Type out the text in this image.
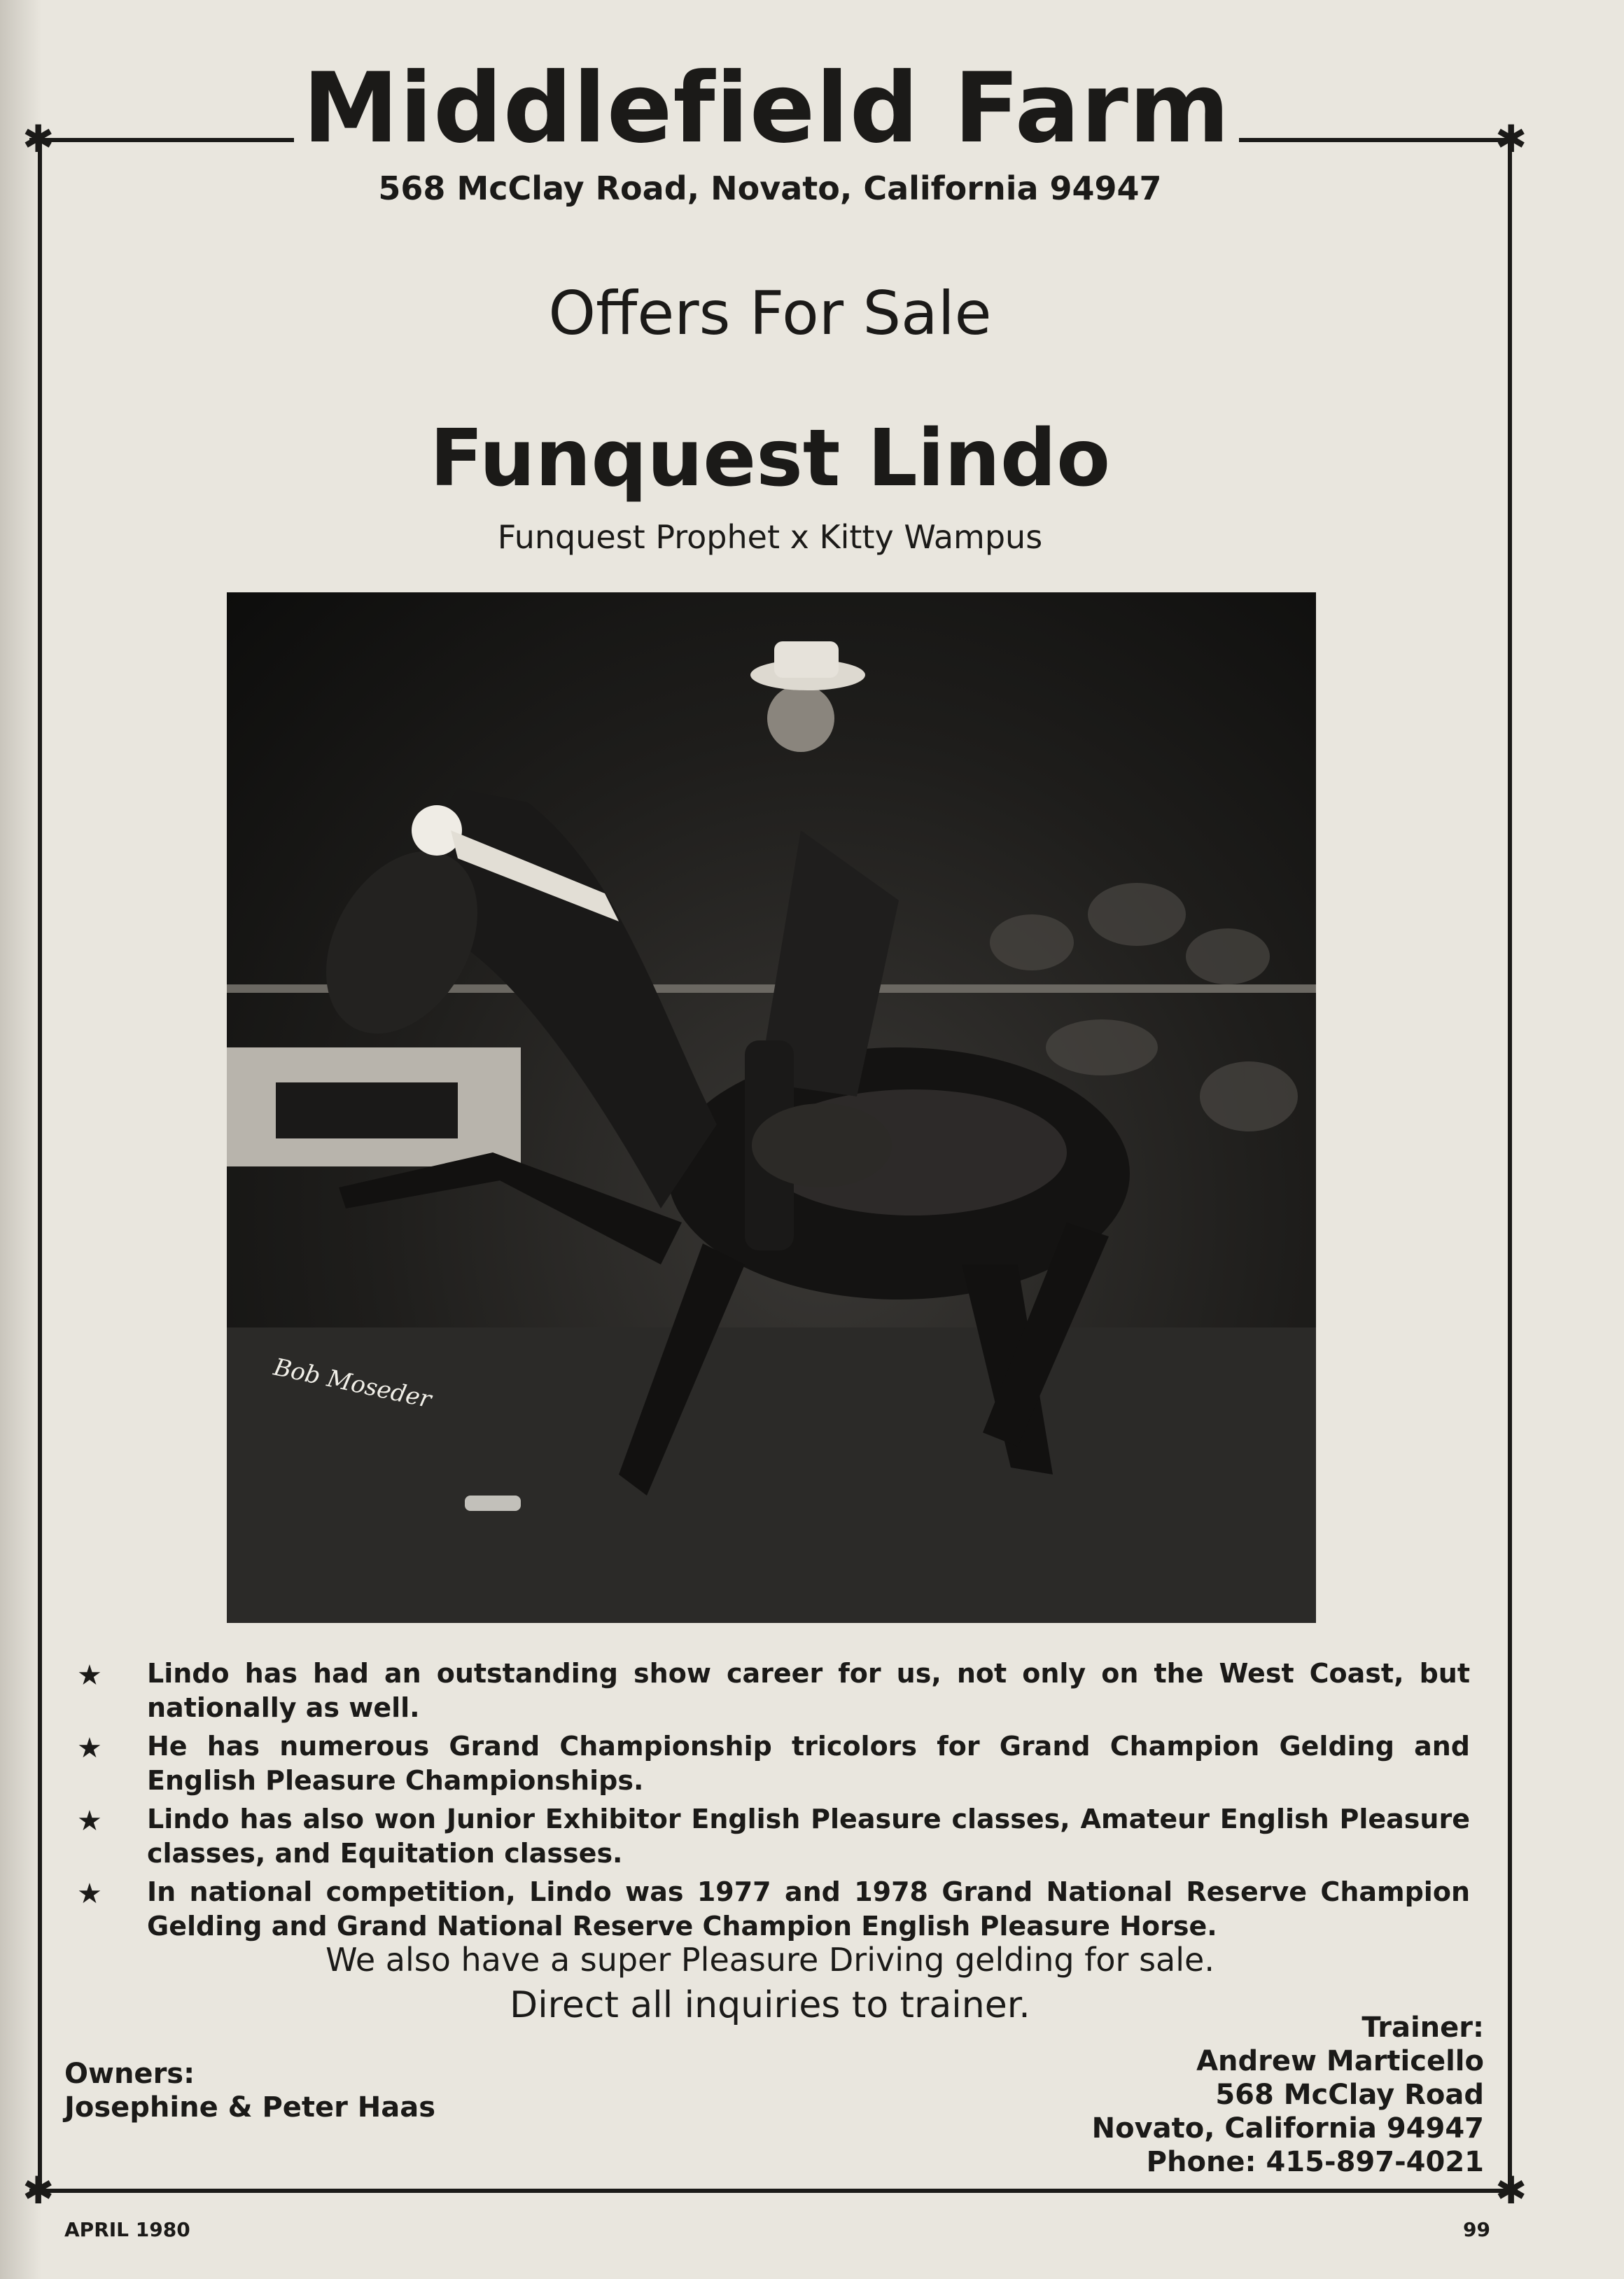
✱	✱
✱	✱
Middlefield Farm
568 McClay Road, Novato, California 94947
Offers For Sale
Funquest Lindo
Funquest Prophet x Kitty Wampus
Bob Moseder
★ Lindo has had an outstanding show career for us, not only on the West Coast, but nationally as well.
★ He has numerous Grand Championship tricolors for Grand Champion Gelding and English Pleasure Championships.
★ Lindo has also won Junior Exhibitor English Pleasure classes, Amateur English Pleasure classes, and Equitation classes.
★ In national competition, Lindo was 1977 and 1978 Grand National Reserve Champion Gelding and Grand National Reserve Champion English Pleasure Horse.
We also have a super Pleasure Driving gelding for sale.
Direct all inquiries to trainer.
Trainer:
Andrew Marticello
568 McClay Road
Novato, California 94947
Phone: 415-897-4021
Owners:
Josephine & Peter Haas
APRIL 1980	99
